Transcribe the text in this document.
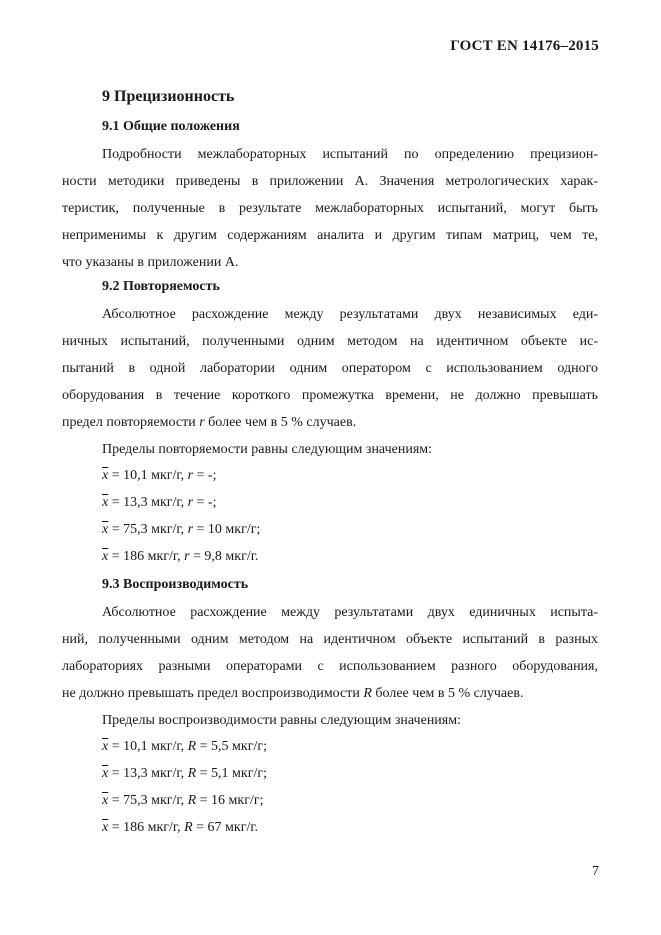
ГОСТ EN 14176–2015
9 Прецизионность
9.1 Общие положения
Подробности межлабораторных испытаний по определению прецизион-
ности методики приведены в приложении А. Значения метрологических харак-
теристик, полученные в результате межлабораторных испытаний, могут быть
неприменимы к другим содержаниям аналита и другим типам матриц, чем те,
что указаны в приложении А.
9.2 Повторяемость
Абсолютное расхождение между результатами двух независимых еди-
ничных испытаний, полученными одним методом на идентичном объекте ис-
пытаний в одной лаборатории одним оператором с использованием одного
оборудования в течение короткого промежутка времени, не должно превышать
предел повторяемости r более чем в 5 % случаев.
Пределы повторяемости равны следующим значениям:
$\overline{x} = 10,1$ мкг/г, r = -;
$\overline{x} = 13,3$ мкг/г, r = -;
$\overline{x} = 75,3$ мкг/г, r = 10 мкг/г;
$\overline{x} = 186$ мкг/г, r = 9,8 мкг/г.
9.3 Воспроизводимость
Абсолютное расхождение между результатами двух единичных испыта-
ний, полученными одним методом на идентичном объекте испытаний в разных
лабораториях разными операторами с использованием разного оборудования,
не должно превышать предел воспроизводимости R более чем в 5 % случаев.
Пределы воспроизводимости равны следующим значениям:
$\overline{x} = 10,1$ мкг/г, R = 5,5 мкг/г;
$\overline{x} = 13,3$ мкг/г, R = 5,1 мкг/г;
$\overline{x} = 75,3$ мкг/г, R = 16 мкг/г;
$\overline{x} = 186$ мкг/г, R = 67 мкг/г.
7
